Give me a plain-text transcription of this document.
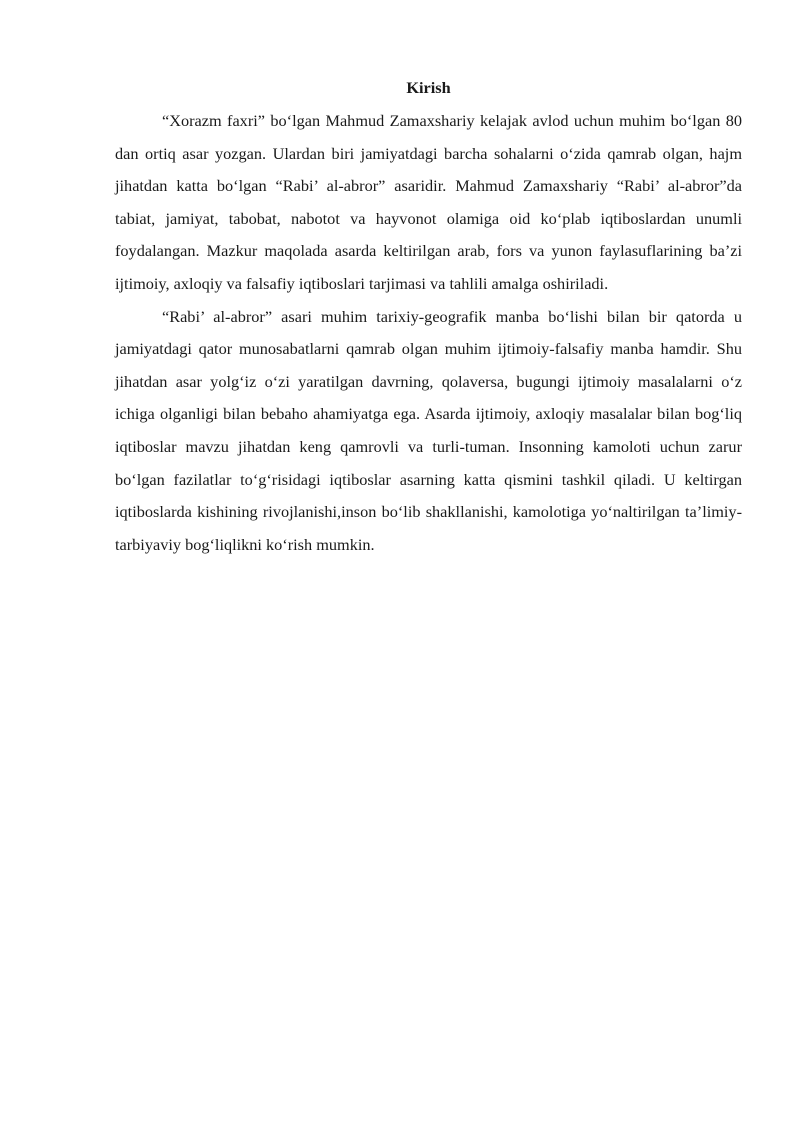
Kirish

“Xorazm faxri” bo‘lgan Mahmud Zamaxshariy kelajak avlod uchun muhim bo‘lgan 80 dan ortiq asar yozgan. Ulardan biri jamiyatdagi barcha sohalarni o‘zida qamrab olgan, hajm jihatdan katta bo‘lgan “Rabi’ al-abror” asaridir. Mahmud Zamaxshariy “Rabi’ al-abror”da tabiat, jamiyat, tabobat, nabotot va hayvonot olamiga oid ko‘plab iqtiboslardan unumli foydalangan. Mazkur maqolada asarda keltirilgan arab, fors va yunon faylasuflarining ba’zi ijtimoiy, axloqiy va falsafiy iqtiboslari tarjimasi va tahlili amalga oshiriladi.

“Rabi’ al-abror” asari muhim tarixiy-geografik manba bo‘lishi bilan bir qatorda u jamiyatdagi qator munosabatlarni qamrab olgan muhim ijtimoiy-falsafiy manba hamdir. Shu jihatdan asar yolg‘iz o‘zi yaratilgan davrning, qolaversa, bugungi ijtimoiy masalalarni o‘z ichiga olganligi bilan bebaho ahamiyatga ega. Asarda ijtimoiy, axloqiy masalalar bilan bog‘liq iqtiboslar mavzu jihatdan keng qamrovli va turli-tuman. Insonning kamoloti uchun zarur bo‘lgan fazilatlar to‘g‘risidagi iqtiboslar asarning katta qismini tashkil qiladi. U keltirgan iqtiboslarda kishining rivojlanishi,inson bo‘lib shakllanishi, kamolotiga yo‘naltirilgan ta’limiy-tarbiyaviy bog‘liqlikni ko‘rish mumkin.
